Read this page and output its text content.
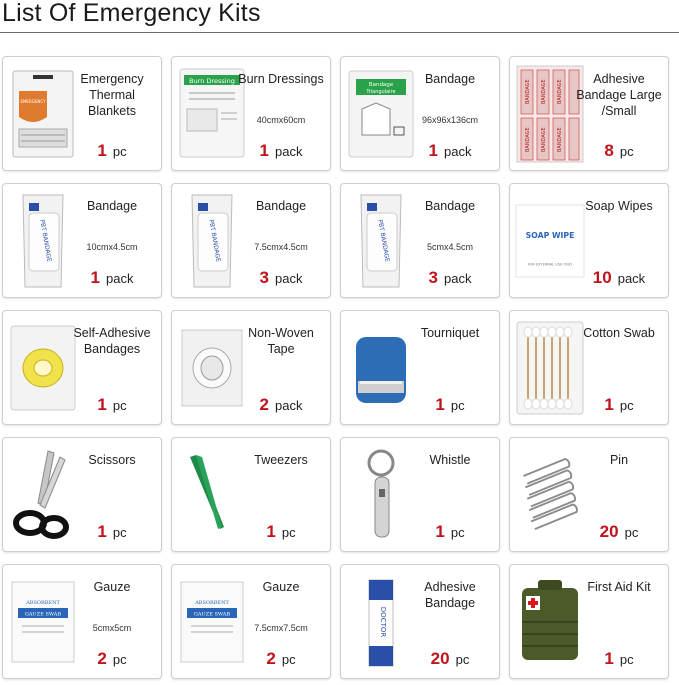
List Of Emergency Kits
EMERGENCY
Emergency Thermal Blankets
1 pc
Burn Dressing Burn Dressings
40cmx60cm
1 pack
Bandage
Triangulaire
Bandage
96x96x136cm
1 pack
BANDAGE BANDAGE BANDAGE
BANDAGE BANDAGE BANDAGE
Adhesive Bandage Large /Small
8 pc
PBT BANDAGE
Bandage
10cmx4.5cm
1 pack
PBT BANDAGE
Bandage
7.5cmx4.5cm
3 pack
PBT BANDAGE
Bandage
5cmx4.5cm
3 pack
SOAP WIPE
FOR EXTERNAL USE ONLY
Soap Wipes
10 pack
Self-Adhesive Bandages
1 pc
Non-Woven Tape
2 pack
Tourniquet
1 pc
Cotton Swab
1 pc
Scissors
1 pc
Tweezers
1 pc
Whistle
1 pc
Pin
20 pc
ABSORBENT
GAUZE SWAB
Gauze
5cmx5cm
2 pc
ABSORBENT
GAUZE SWAB
Gauze
7.5cmx7.5cm
2 pc
DOCTOR
Adhesive Bandage
20 pc
First Aid Kit
1 pc
